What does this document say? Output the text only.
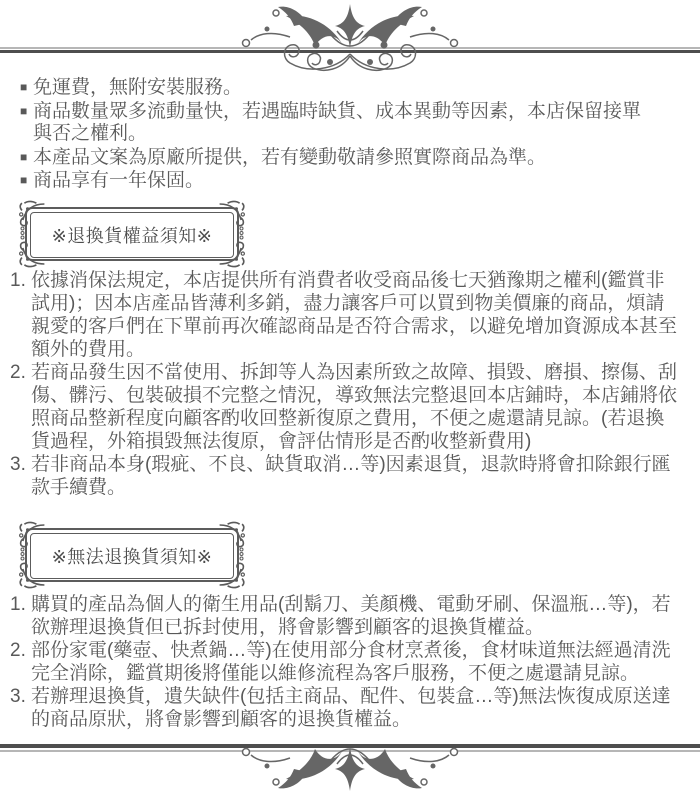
■ 免運費，無附安裝服務。

■ 商品數量眾多流動量快，若遇臨時缺貨、成本異動等因素，本店保留接單與否之權利。

■ 本產品文案為原廠所提供，若有變動敬請參照實際商品為準。

■ 商品享有一年保固。

※退換貨權益須知※

1. 依據消保法規定，本店提供所有消費者收受商品後七天猶豫期之權利(鑑賞非試用)；因本店產品皆薄利多銷，盡力讓客戶可以買到物美價廉的商品，煩請親愛的客戶們在下單前再次確認商品是否符合需求，以避免增加資源成本甚至額外的費用。

2. 若商品發生因不當使用、拆卸等人為因素所致之故障、損毀、磨損、擦傷、刮傷、髒污、包裝破損不完整之情況，導致無法完整退回本店鋪時，本店鋪將依照商品整新程度向顧客酌收回整新復原之費用，不便之處還請見諒。(若退換貨過程，外箱損毀無法復原，會評估情形是否酌收整新費用)

3. 若非商品本身(瑕疵、不良、缺貨取消…等)因素退貨，退款時將會扣除銀行匯款手續費。

※無法退換貨須知※

1. 購買的產品為個人的衛生用品(刮鬍刀、美顏機、電動牙刷、保溫瓶…等)，若欲辦理退換貨但已拆封使用，將會影響到顧客的退換貨權益。

2. 部份家電(藥壺、快煮鍋…等)在使用部分食材烹煮後，食材味道無法經過清洗完全消除，鑑賞期後將僅能以維修流程為客戶服務，不便之處還請見諒。

3. 若辦理退換貨，遺失缺件(包括主商品、配件、包裝盒…等)無法恢復成原送達的商品原狀，將會影響到顧客的退換貨權益。
